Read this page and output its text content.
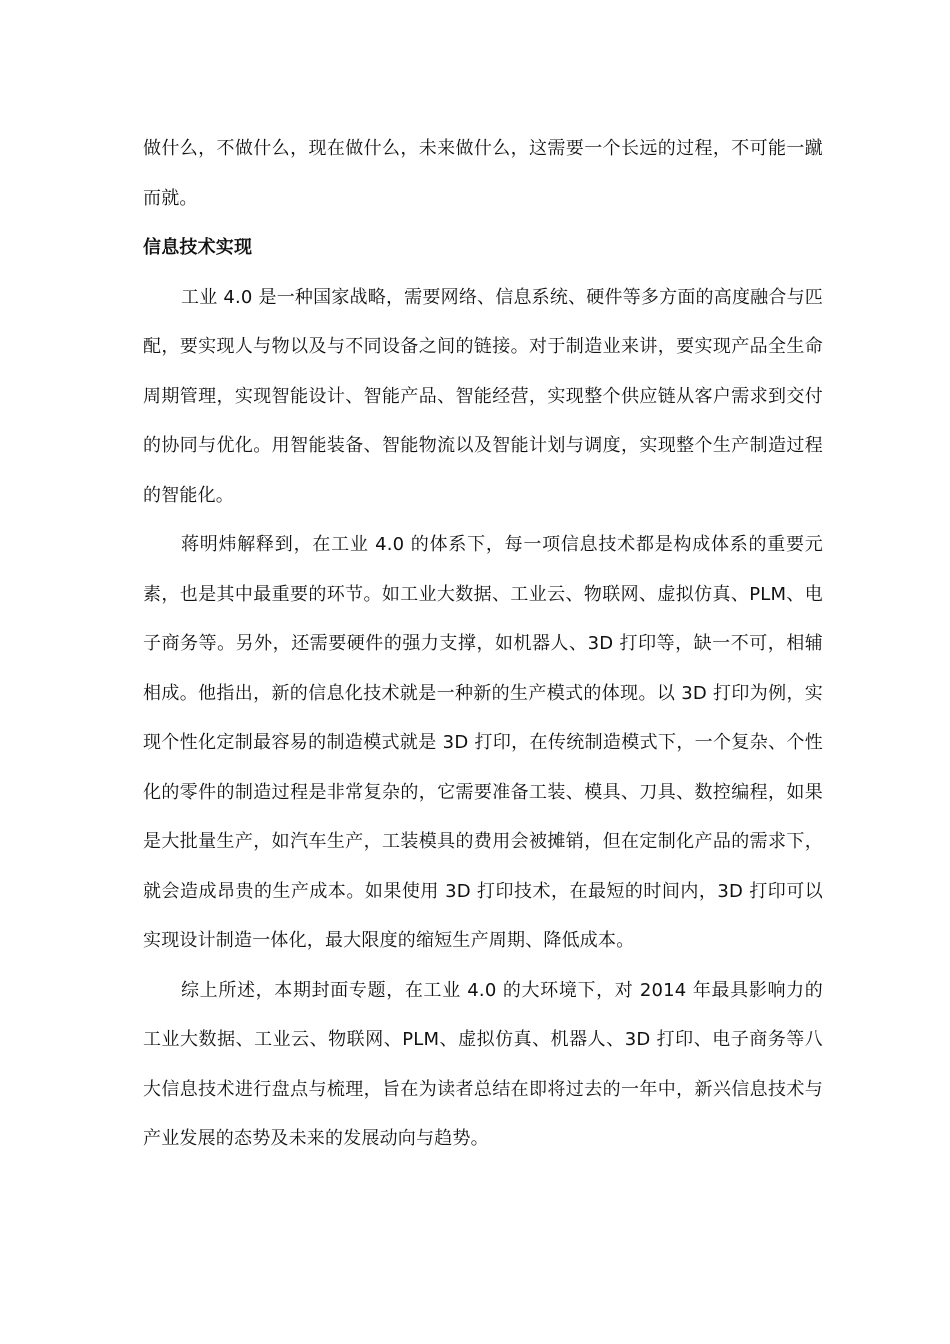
做什么，不做什么，现在做什么，未来做什么，这需要一个长远的过程，不可能一蹴而就。

信息技术实现

工业 4.0 是一种国家战略，需要网络、信息系统、硬件等多方面的高度融合与匹配，要实现人与物以及与不同设备之间的链接。对于制造业来讲，要实现产品全生命周期管理，实现智能设计、智能产品、智能经营，实现整个供应链从客户需求到交付的协同与优化。用智能装备、智能物流以及智能计划与调度，实现整个生产制造过程的智能化。

蒋明炜解释到，在工业 4.0 的体系下，每一项信息技术都是构成体系的重要元素，也是其中最重要的环节。如工业大数据、工业云、物联网、虚拟仿真、PLM、电子商务等。另外，还需要硬件的强力支撑，如机器人、3D 打印等，缺一不可，相辅相成。他指出，新的信息化技术就是一种新的生产模式的体现。以 3D 打印为例，实现个性化定制最容易的制造模式就是 3D 打印，在传统制造模式下，一个复杂、个性化的零件的制造过程是非常复杂的，它需要准备工装、模具、刀具、数控编程，如果是大批量生产，如汽车生产，工装模具的费用会被摊销，但在定制化产品的需求下，就会造成昂贵的生产成本。如果使用 3D 打印技术，在最短的时间内，3D 打印可以实现设计制造一体化，最大限度的缩短生产周期、降低成本。

综上所述，本期封面专题，在工业 4.0 的大环境下，对 2014 年最具影响力的工业大数据、工业云、物联网、PLM、虚拟仿真、机器人、3D 打印、电子商务等八大信息技术进行盘点与梳理，旨在为读者总结在即将过去的一年中，新兴信息技术与产业发展的态势及未来的发展动向与趋势。
